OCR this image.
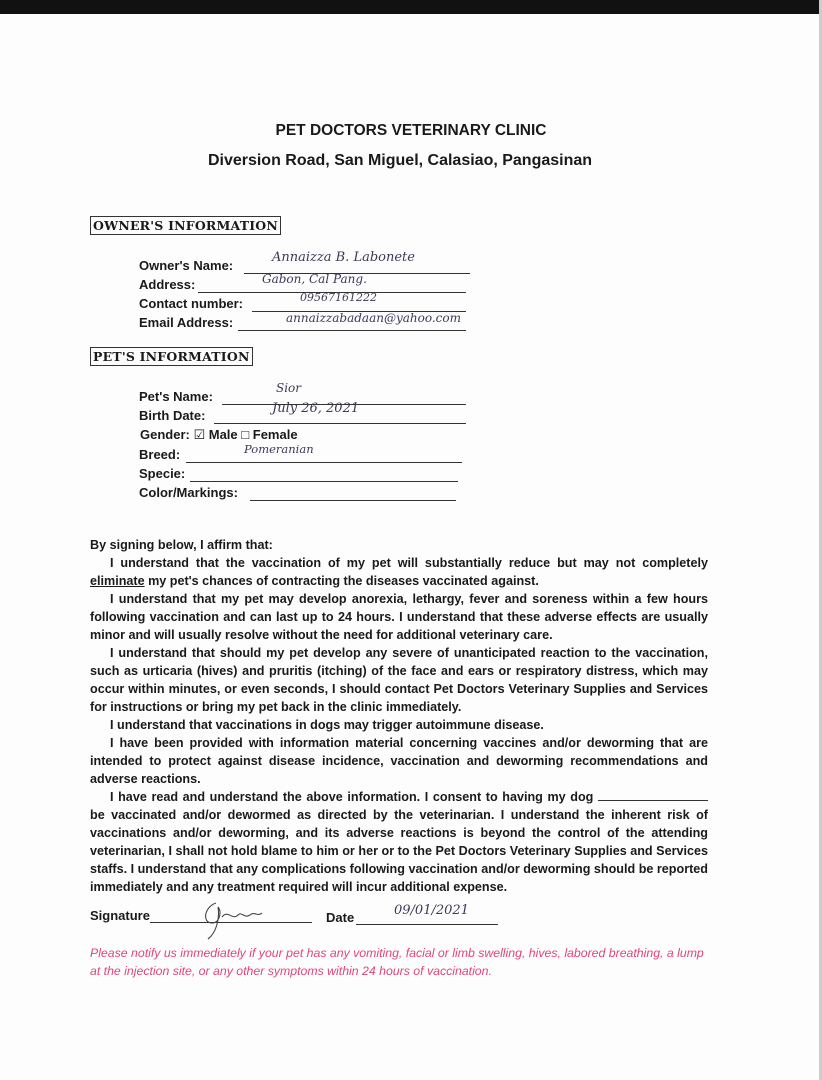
PET DOCTORS VETERINARY CLINIC
Diversion Road, San Miguel, Calasiao, Pangasinan
OWNER'S INFORMATION
Owner's Name:
Annaizza B. Labonete
Address:	Gabon, Cal Pang.
Contact number:	09567161222
Email Address:	annaizzabadaan@yahoo.com
PET'S INFORMATION
Pet's Name:
Sior
Birth Date:	July 26, 2021
Gender: ☑ Male □ Female
Breed:	Pomeranian
Specie:
Color/Markings:

By signing below, I affirm that:

I understand that the vaccination of my pet will substantially reduce but may not completely eliminate my pet's chances of contracting the diseases vaccinated against.

I understand that my pet may develop anorexia, lethargy, fever and soreness within a few hours following vaccination and can last up to 24 hours. I understand that these adverse effects are usually minor and will usually resolve without the need for additional veterinary care.

I understand that should my pet develop any severe of unanticipated reaction to the vaccination, such as urticaria (hives) and pruritis (itching) of the face and ears or respiratory distress, which may occur within minutes, or even seconds, I should contact Pet Doctors Veterinary Supplies and Services for instructions or bring my pet back in the clinic immediately.

I understand that vaccinations in dogs may trigger autoimmune disease.

I have been provided with information material concerning vaccines and/or deworming that are intended to protect against disease incidence, vaccination and deworming recommendations and adverse reactions.

I have read and understand the above information. I consent to having my dog  be vaccinated and/or dewormed as directed by the veterinarian. I understand the inherent risk of vaccinations and/or deworming, and its adverse reactions is beyond the control of the attending veterinarian, I shall not hold blame to him or her or to the Pet Doctors Veterinary Supplies and Services staffs. I understand that any complications following vaccination and/or deworming should be reported immediately and any treatment required will incur additional expense.

Signature	Date	09/01/2021
Please notify us immediately if your pet has any vomiting, facial or limb swelling, hives, labored breathing, a lump at the injection site, or any other symptoms within 24 hours of vaccination.
